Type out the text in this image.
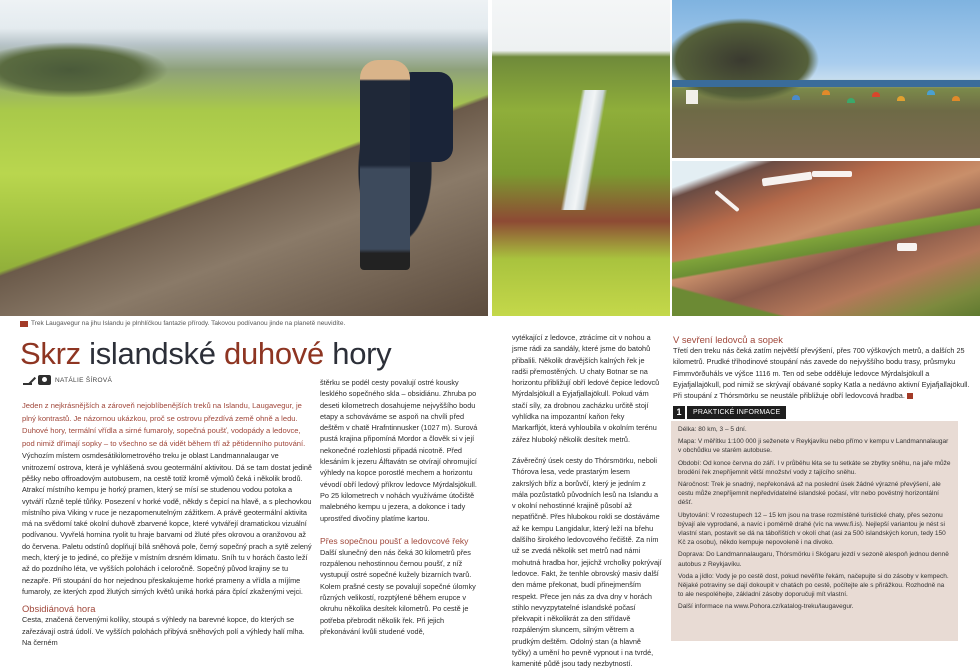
Trek Laugavegur na jihu Islandu je plnhlíčkou fantazie přírody. Takovou podívanou jinde na planetě neuvidíte.
Skrz islandské duhové hory
NATÁLIE ŠÍROVÁ

Jeden z nejkrásnějších a zároveň nejoblíbenějších treků na Islandu, Laugavegur, je plný kontrastů. Je názornou ukázkou, proč se ostrovu přezdívá země ohně a ledu. Duhové hory, termální vřídla a sirné fumaroly, sopečná poušť, vodopády a ledovce, pod nimiž dřímají sopky – to všechno se dá vidět během tří až pětidenního putování.

Výchozím místem osmdesátikilometrového treku je oblast Landmannalaugar ve vnitrozemí ostrova, která je vyhlášená svou geotermální aktivitou. Dá se tam dostat jedině pěšky nebo offroadovým autobusem, na cestě totiž kromě výmolů čeká i několik brodů. Atrakcí místního kempu je horký pramen, který se mísí se studenou vodou potoka a vytváří různě teplé tůňky. Posezení v horké vodě, někdy s čepicí na hlavě, a s plechovkou místního piva Viking v ruce je nezapomenutelným zážitkem. A právě geotermální aktivita má na svědomí také okolní duhově zbarvené kopce, které vytvářejí dramatickou vizuální podívanou. Vyvřelá hornina ryolit tu hraje barvami od žluté přes okrovou a oranžovou až do červena. Paletu odstínů doplňují bílá sněhová pole, černý sopečný prach a sytě zelený mech, který je to jediné, co přežije v místním drsném klimatu. Sníh tu v horách často leží až do pozdního léta, ve vyšších polohách i celoročně. Sopečný původ krajiny se tu nezapře. Při stoupání do hor nejednou přeskakujeme horké prameny a vřídla a míjíme fumaroly, ze kterých zpod žlutých sirných květů uniká horká pára čpící zkaženými vejci.

Obsidiánová hora

Cesta, značená červenými kolíky, stoupá s výhledy na barevné kopce, do kterých se zařezávají ostrá údolí. Ve vyšších polohách přibývá sněhových polí a výhledy halí mlha. Na černém

štěrku se podél cesty povalují ostré kousky lesklého sopečného skla – obsidiánu. Zhruba po deseti kilometrech dosahujeme nejvyššího bodu etapy a schováváme se aspoň na chvíli před deštěm v chatě Hrafntinnusker (1027 m). Surová pustá krajina připomíná Mordor a člověk si v její nekonečné rozlehlosti připadá nicotně. Před klesáním k jezeru Álftavátn se otvírají ohromující výhledy na kopce porostlé mechem a horizontu vévodí obří ledový příkrov ledovce Mýrdalsjökull. Po 25 kilometrech v nohách využíváme útočiště malebného kempu u jezera, a dokonce i tady uprostřed divočiny platíme kartou.

Přes sopečnou poušť a ledovcové řeky

Další slunečný den nás čeká 30 kilometrů přes rozpálenou nehostinnou černou poušť, z níž vystupují ostré sopečné kužely bizarních tvarů. Kolem prašné cesty se povalují sopečné úlomky různých velikostí, rozptýlené během erupce v okruhu několika desítek kilometrů. Po cestě je potřeba přebrodit několik řek. Při jejich překonávání kvůli studené vodě,

vytékající z ledovce, ztrácíme cit v nohou a jsme rádi za sandály, které jsme do batohů přibalili. Několik dravějších kalných řek je radši přemostěných. U chaty Botnar se na horizontu přibližují obří ledové čepice ledovců Mýrdalsjökull a Eyjafjallajökull. Pokud vám stačí síly, za drobnou zacházku určitě stojí vyhlídka na impozantní kaňon řeky Markarfljót, která vyhloubila v okolním terénu zářez hluboký několik desítek metrů.

Závěrečný úsek cesty do Thórsmörku, neboli Thórova lesa, vede prastarým lesem zakrslých bříz a borůvčí, který je jedním z mála pozůstatků původních lesů na Islandu a v okolní nehostinné krajině působí až nepatřičně. Přes hlubokou rokli se dostáváme až ke kempu Langidalur, který leží na břehu dalšího širokého ledovcového řečiště. Za ním už se zvedá několik set metrů nad námi mohutná hradba hor, jejichž vrcholky pokrývají ledovce. Fakt, že tenhle obrovský masiv další den máme překonat, budí přinejmenším respekt. Přece jen nás za dva dny v horách stihlo nevyzpytatelné islandské počasí překvapit i několikrát za den střídavě rozpáleným sluncem, silným větrem a prudkým deštěm. Odolný stan (a hlavně tyčky) a umění ho pevně vypnout i na tvrdé, kamenité půdě jsou tady nezbytností.

V sevření ledovců a sopek

Třetí den treku nás čeká zatím největší převýšení, přes 700 výškových metrů, a dalších 25 kilometrů. Prudké tříhodinové stoupání nás zavede do nejvyššího bodu trasy, průsmyku Fimmvörðuháls ve výšce 1116 m. Ten od sebe odděluje ledovce Mýrdalsjökull a Eyjafjallajökull, pod nimiž se skrývají obávané sopky Katla a nedávno aktivní Eyjafjallajökull. Při stoupání z Thórsmörku se neustále přibližuje obří ledovcová hradba.

1	PRAKTICKÉ INFORMACE

Délka: 80 km, 3 – 5 dní.

Mapa: V měřítku 1:100 000 ji seženete v Reykjavíku nebo přímo v kempu v Landmannalaugar v obchůdku ve starém autobuse.

Období: Od konce června do září. I v průběhu léta se tu setkáte se zbytky sněhu, na jaře může brodění řek znepříjemnit větší množství vody z tajícího sněhu.

Náročnost: Trek je snadný, nepřekonává až na poslední úsek žádné výrazné převýšení, ale cestu může znepříjemnit nepředvídatelné islandské počasí, vítr nebo pověstný horizontální déšť.

Ubytování: V rozestupech 12 – 15 km jsou na trase rozmístěné turistické chaty, přes sezonu bývají ale vyprodané, a navíc i poměrně drahé (víc na www.fi.is). Nejlepší variantou je nést si vlastní stan, postavit se dá na tábořištích v okolí chat (asi za 500 islandských korun, tedy 150 Kč za osobu), někdo kempuje nepovoleně i na divoko.

Doprava: Do Landmannalaugaru, Thórsmörku i Skógaru jezdí v sezoně alespoň jednou denně autobus z Reykjavíku.

Voda a jídlo: Vody je po cestě dost, pokud nevěříte řekám, načepujte si do zásoby v kempech. Nějaké potraviny se dají dokoupit v chatách po cestě, počítejte ale s přirážkou. Rozhodně na to ale nespoléhejte, základní zásoby doporučuji mít vlastní.

Další informace na www.Pohora.cz/katalog-treku/laugavegur.
